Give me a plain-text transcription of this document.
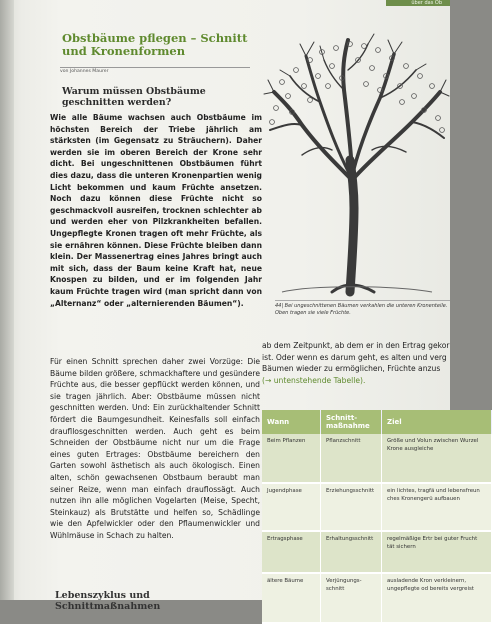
über das Ob
Obstbäume pflegen – Schnitt und Kronenformen
von Johannes Maurer
Warum müssen Obstbäume geschnitten werden?

Wie alle Bäume wachsen auch Obstbäume im höchsten Bereich der Triebe jährlich am stärksten (im Gegensatz zu Sträuchern). Daher werden sie im oberen Bereich der Krone sehr dicht. Bei ungeschnittenen Obstbäumen führt dies dazu, dass die unteren Kronenpartien wenig Licht bekommen und kaum Früchte ansetzen. Noch dazu können diese Früchte nicht so geschmackvoll ausreifen, trocknen schlechter ab und werden eher von Pilzkrankheiten befallen. Ungepflegte Kronen tragen oft mehr Früchte, als sie ernähren können. Diese Früchte bleiben dann klein. Der Massenertrag eines Jahres bringt auch mit sich, dass der Baum keine Kraft hat, neue Knospen zu bilden, und er im folgenden Jahr kaum Früchte tragen wird (man spricht dann von „Alternanz“ oder „alternierenden Bäumen“).

Für einen Schnitt sprechen daher zwei Vorzüge: Die Bäume bilden größere, schmackhaftere und gesündere Früchte aus, die besser gepflückt werden können, und sie tragen jährlich. Aber: Obstbäume müssen nicht geschnitten werden. Und: Ein zurückhaltender Schnitt fördert die Baumgesundheit. Keinesfalls soll einfach draufllosgeschnitten werden. Auch geht es beim Schneiden der Obstbäume nicht nur um die Frage eines guten Ertrages: Obstbäume bereichern den Garten sowohl ästhetisch als auch ökologisch. Einen alten, schön gewachsenen Obstbaum beraubt man seiner Reize, wenn man einfach drauflossägt. Auch nutzen ihn alle möglichen Vogelarten (Meise, Specht, Steinkauz) als Brutstätte und helfen so, Schädlinge wie den Apfelwickler oder den Pflaumenwickler und Wühlmäuse in Schach zu halten.

Lebenszyklus und Schnittmaßnahmen

44| Bei ungeschnittenen Bäumen verkahlen die unteren Kronenteile. Oben tragen sie viele Früchte.

ab dem Zeitpunkt, ab dem er in den Ertrag gekor
ist. Oder wenn es darum geht, es alten und verg
Bäumen wieder zu ermöglichen, Früchte anzus
(→ untenstehende Tabelle).
Wann	Schnitt-maßnahme	Ziel
Beim Pflanzen	Pflanzschnitt	Größe und Volun zwischen Wurzel Krone ausgleiche
Jugendphase	Erziehungsschnitt	ein lichtes, tragfä und lebensfreun ches Kronengerü aufbauen
Ertragsphase	Erhaltungsschnitt	regelmäßige Ertr bei guter Frucht tät sichern
ältere Bäume	Verjüngungs-schnitt	ausladende Kron verkleinern, ungepflegte od bereits vergreist
